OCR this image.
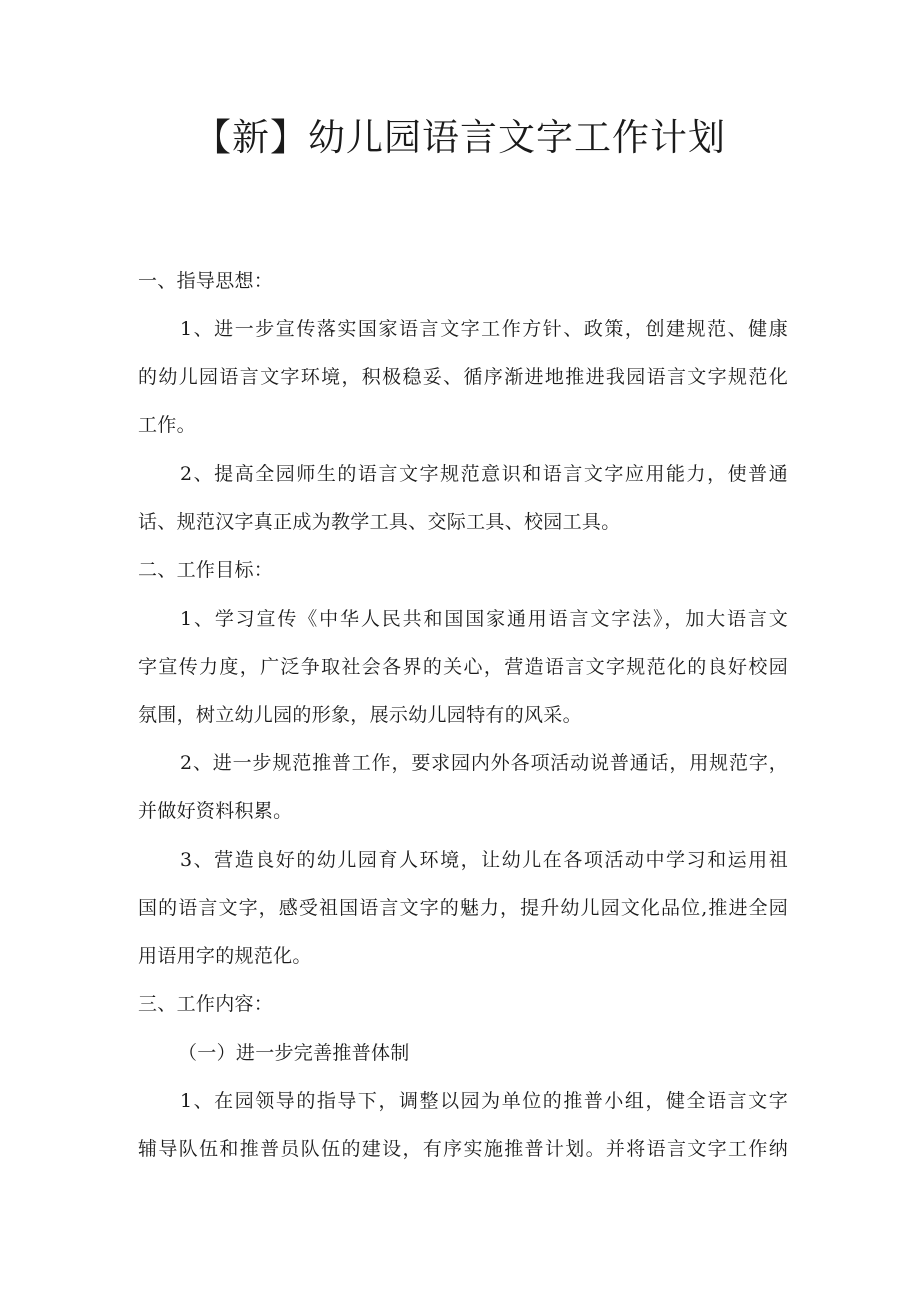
【新】幼儿园语言文字工作计划

一、指导思想：

1、进一步宣传落实国家语言文字工作方针、政策，创建规范、健康

的幼儿园语言文字环境，积极稳妥、循序渐进地推进我园语言文字规范化

工作。

2、提高全园师生的语言文字规范意识和语言文字应用能力，使普通

话、规范汉字真正成为教学工具、交际工具、校园工具。

二、工作目标：

1、学习宣传《中华人民共和国国家通用语言文字法》，加大语言文

字宣传力度，广泛争取社会各界的关心，营造语言文字规范化的良好校园

氛围，树立幼儿园的形象，展示幼儿园特有的风采。

2、进一步规范推普工作，要求园内外各项活动说普通话，用规范字，

并做好资料积累。

3、营造良好的幼儿园育人环境，让幼儿在各项活动中学习和运用祖

国的语言文字，感受祖国语言文字的魅力，提升幼儿园文化品位,推进全园

用语用字的规范化。

三、工作内容：

（一）进一步完善推普体制

1、在园领导的指导下，调整以园为单位的推普小组，健全语言文字

辅导队伍和推普员队伍的建设，有序实施推普计划。并将语言文字工作纳
